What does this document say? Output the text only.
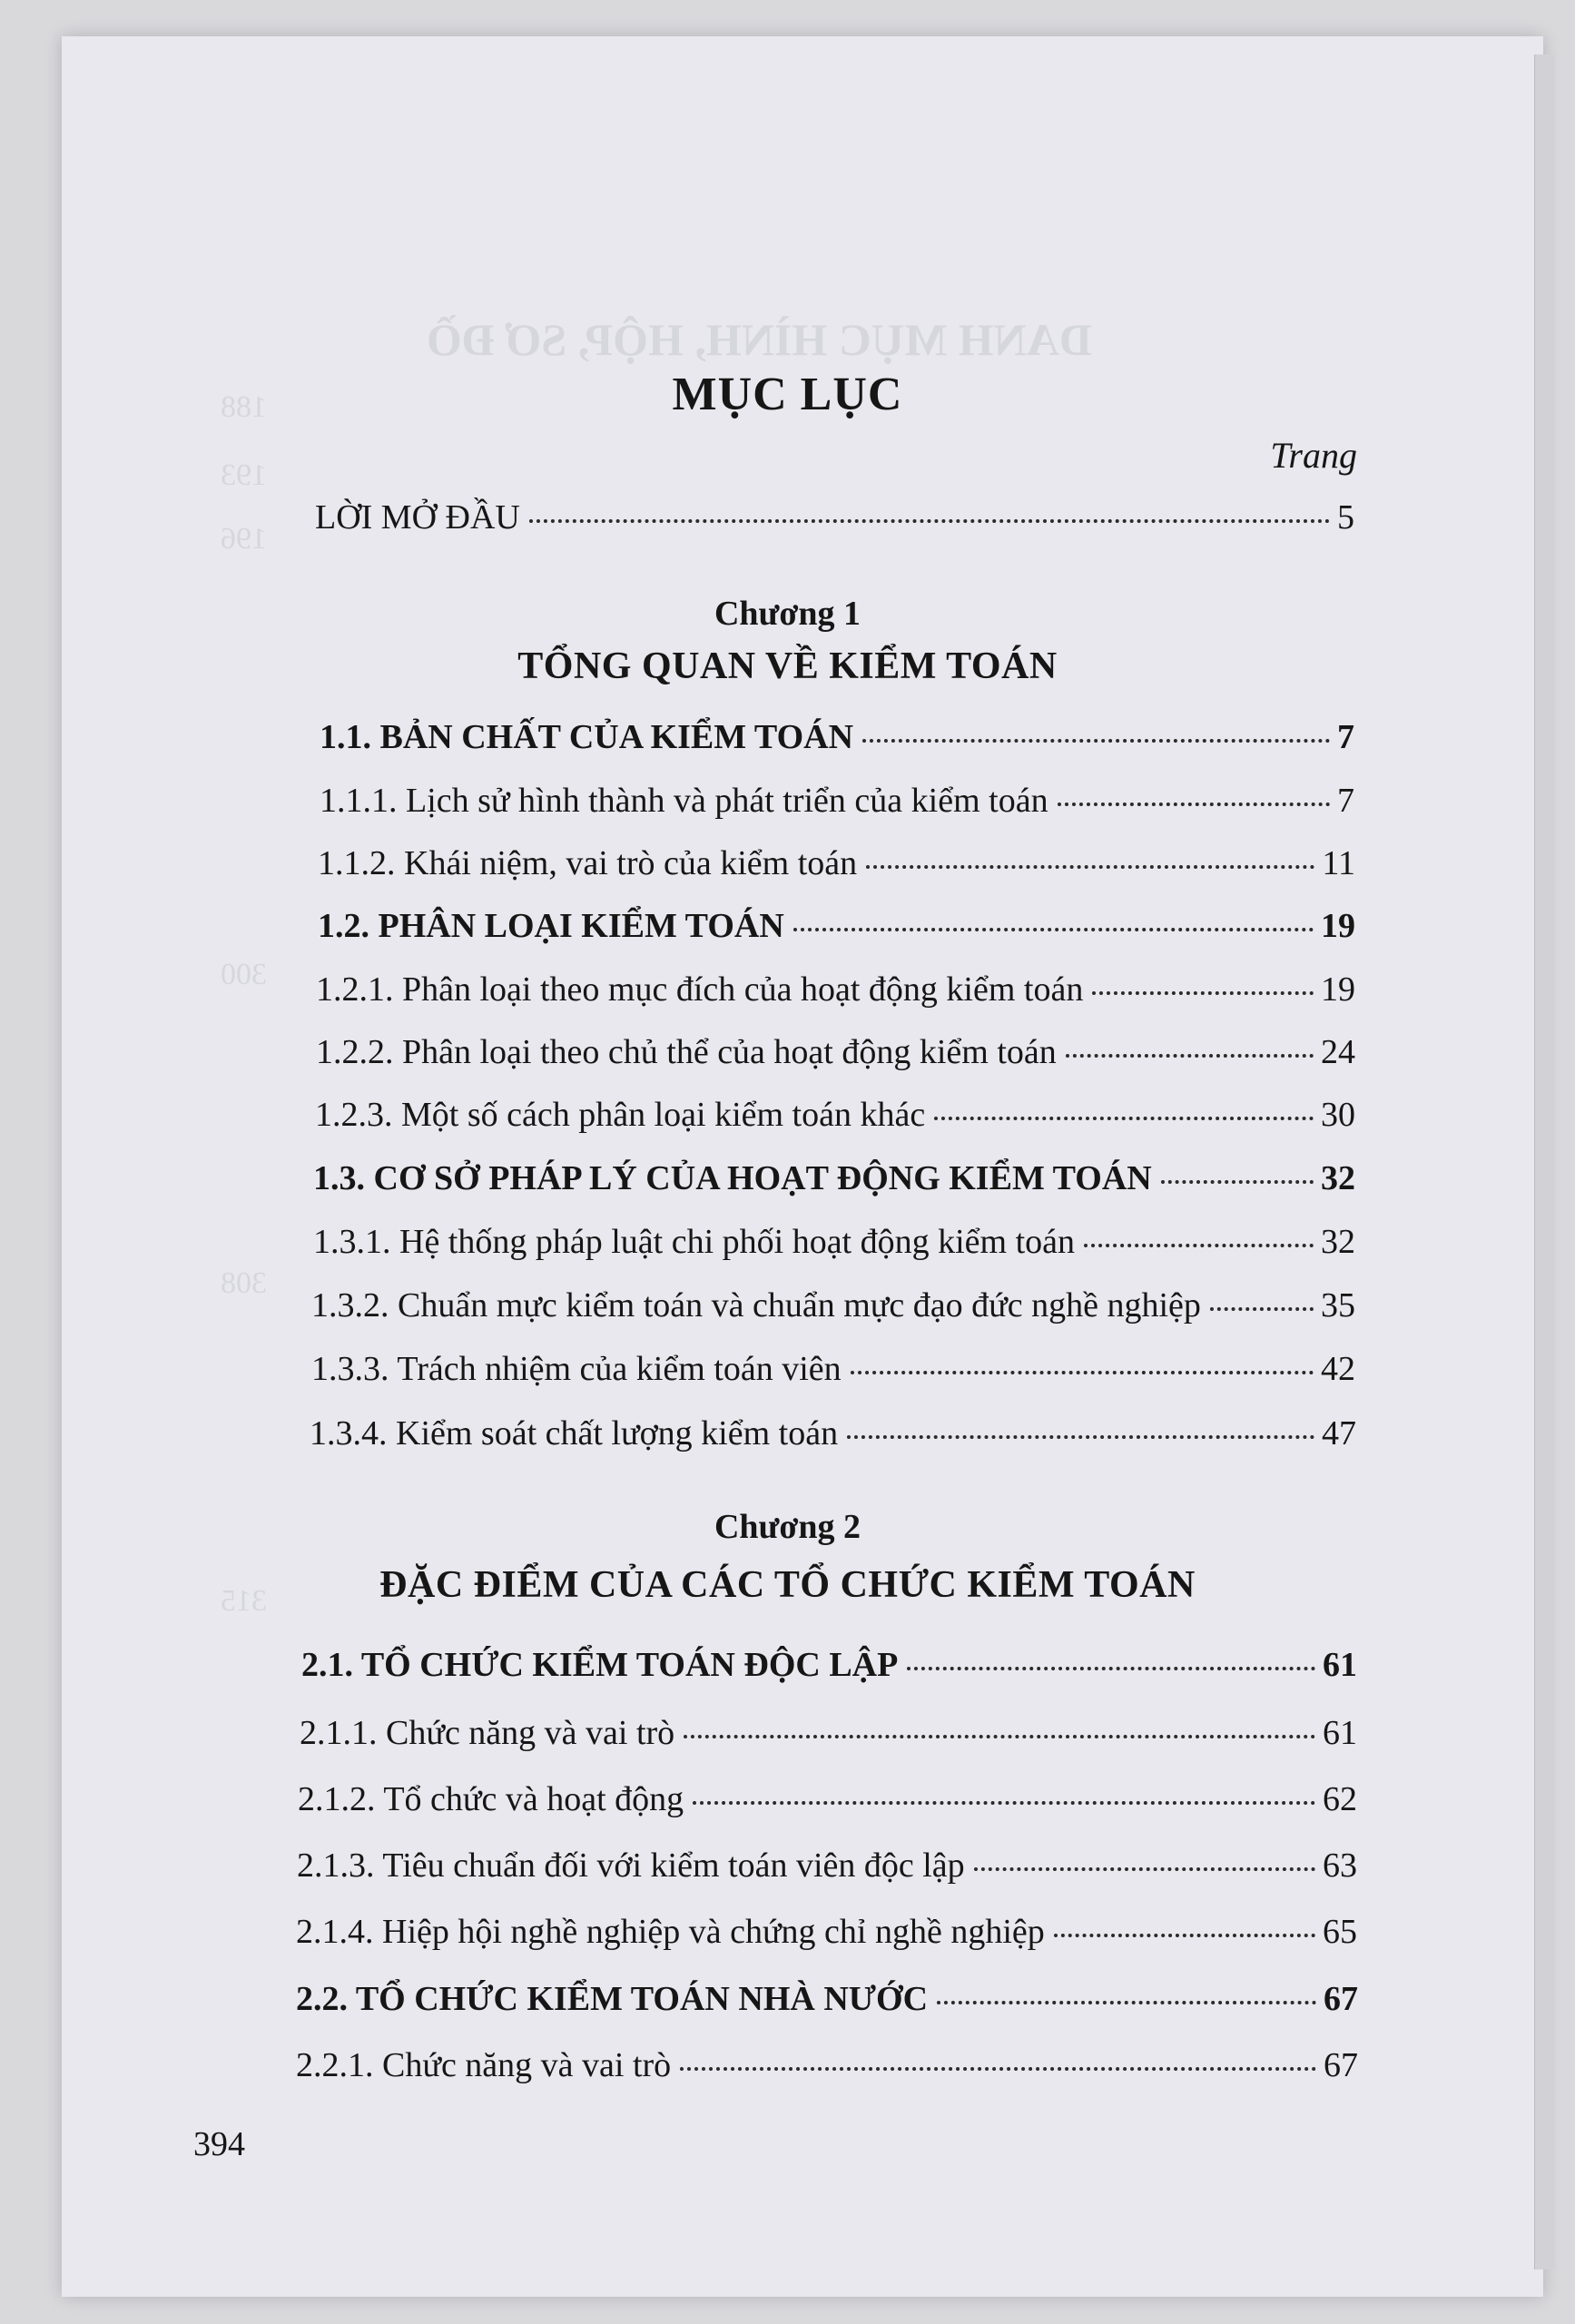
DANH MỤC HÌNH, HỘP, SƠ ĐỒ
188
193
196
300
308
315
MỤC LỤC
Trang
LỜI MỞ ĐẦU	5
Chương 1
TỔNG QUAN VỀ KIỂM TOÁN
1.1. BẢN CHẤT CỦA KIỂM TOÁN	7
1.1.1. Lịch sử hình thành và phát triển của kiểm toán	7
1.1.2. Khái niệm, vai trò của kiểm toán	11
1.2. PHÂN LOẠI KIỂM TOÁN	19
1.2.1. Phân loại theo mục đích của hoạt động kiểm toán	19
1.2.2. Phân loại theo chủ thể của hoạt động kiểm toán	24
1.2.3. Một số cách phân loại kiểm toán khác	30
1.3. CƠ SỞ PHÁP LÝ CỦA HOẠT ĐỘNG KIỂM TOÁN	32
1.3.1. Hệ thống pháp luật chi phối hoạt động kiểm toán	32
1.3.2. Chuẩn mực kiểm toán và chuẩn mực đạo đức nghề nghiệp	35
1.3.3. Trách nhiệm của kiểm toán viên	42
1.3.4. Kiểm soát chất lượng kiểm toán	47
Chương 2
ĐẶC ĐIỂM CỦA CÁC TỔ CHỨC KIỂM TOÁN
2.1. TỔ CHỨC KIỂM TOÁN ĐỘC LẬP	61
2.1.1. Chức năng và vai trò	61
2.1.2. Tổ chức và hoạt động	62
2.1.3. Tiêu chuẩn đối với kiểm toán viên độc lập	63
2.1.4. Hiệp hội nghề nghiệp và chứng chỉ nghề nghiệp	65
2.2. TỔ CHỨC KIỂM TOÁN NHÀ NƯỚC	67
2.2.1. Chức năng và vai trò	67
394
